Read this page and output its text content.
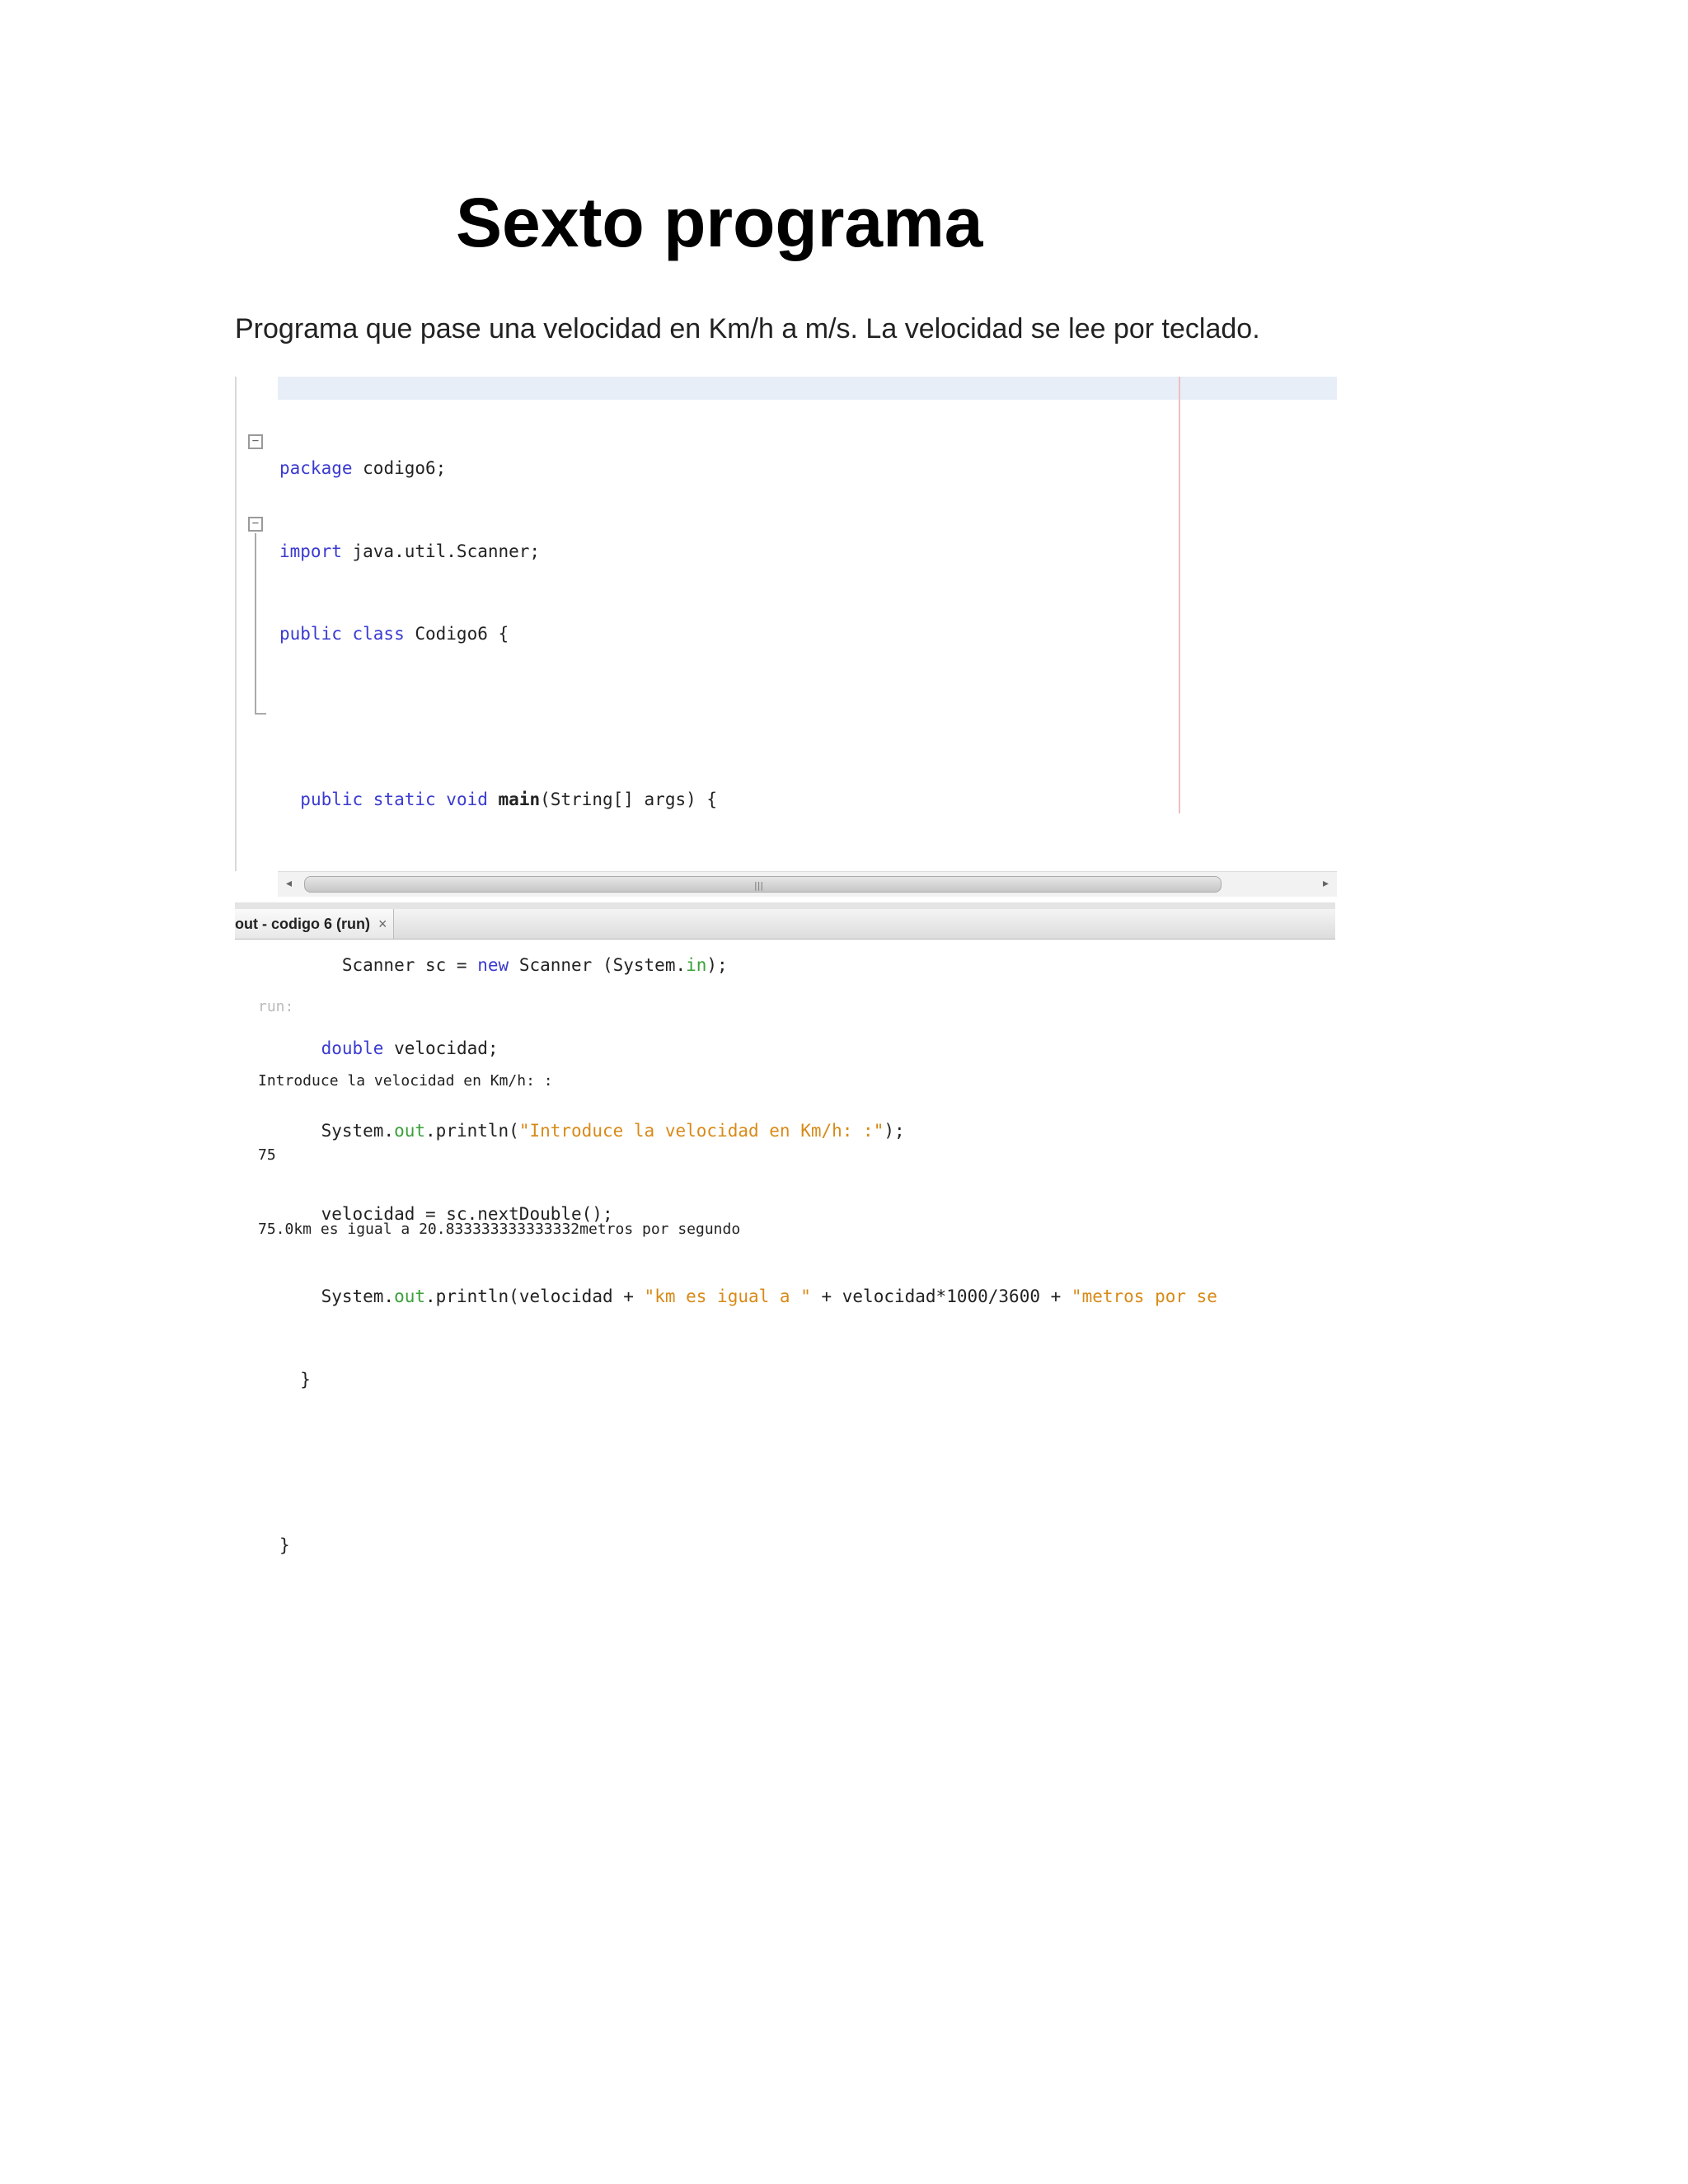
Sexto programa
Programa que pase una velocidad en Km/h a m/s. La velocidad se lee por teclado.
−
−

package codigo6;

import java.util.Scanner;

public class Codigo6 {

public static void main(String[] args) {

Scanner sc = new Scanner (System.in);

double velocidad;

System.out.println("Introduce la velocidad en Km/h: :");

velocidad = sc.nextDouble();

System.out.println(velocidad + "km es igual a " + velocidad*1000/3600 + "metros por se

}

}

◂	|||	▸
out - codigo 6 (run) ×

run:

Introduce la velocidad en Km/h: :

75

75.0km es igual a 20.833333333333332metros por segundo
